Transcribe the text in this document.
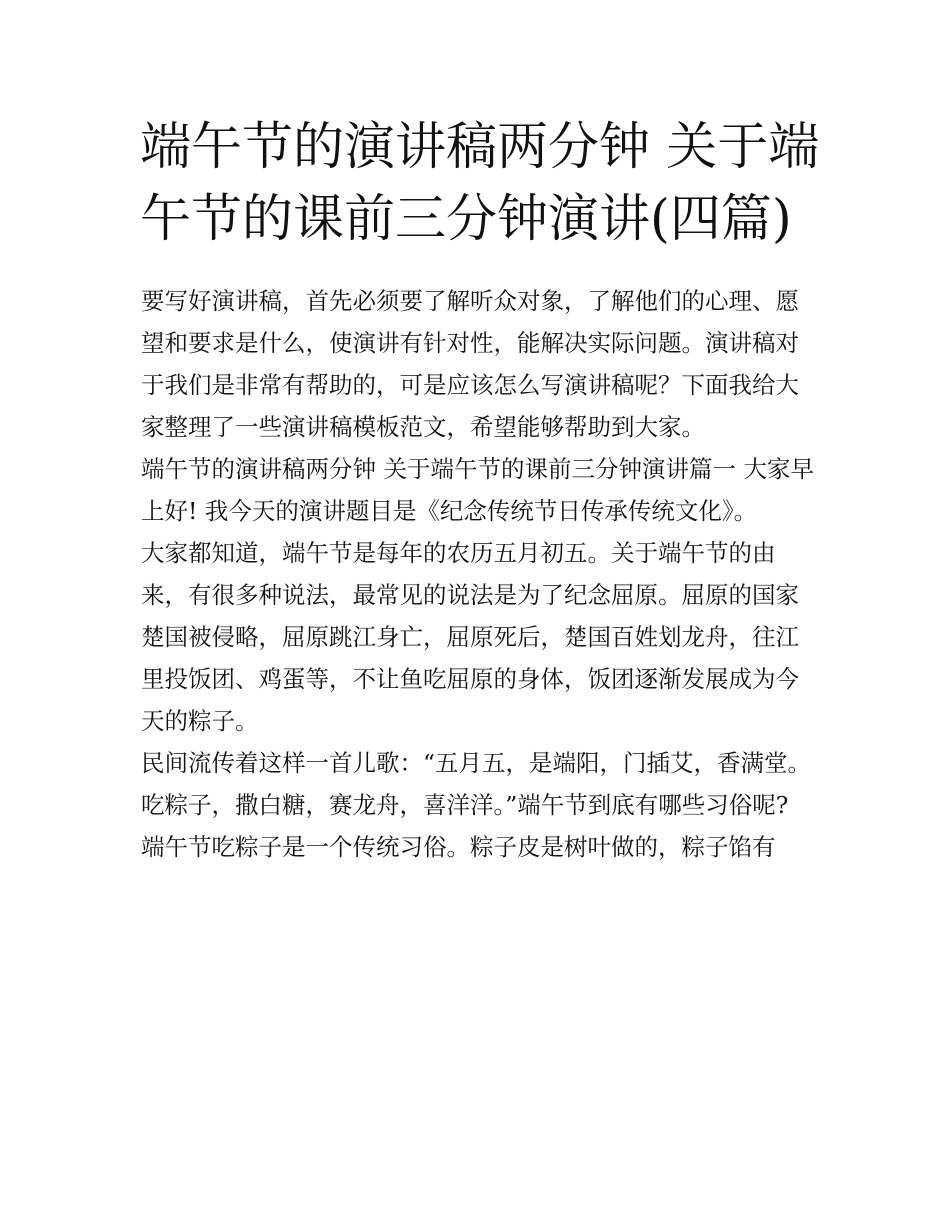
端午节的演讲稿两分钟 关于端午节的课前三分钟演讲(四篇)

要写好演讲稿，首先必须要了解听众对象，了解他们的心理、愿望和要求是什么，使演讲有针对性，能解决实际问题。演讲稿对于我们是非常有帮助的，可是应该怎么写演讲稿呢？下面我给大家整理了一些演讲稿模板范文，希望能够帮助到大家。

端午节的演讲稿两分钟 关于端午节的课前三分钟演讲篇一 大家早上好! 我今天的演讲题目是《纪念传统节日传承传统文化》。

大家都知道，端午节是每年的农历五月初五。关于端午节的由来，有很多种说法，最常见的说法是为了纪念屈原。屈原的国家楚国被侵略，屈原跳江身亡，屈原死后，楚国百姓划龙舟，往江里投饭团、鸡蛋等，不让鱼吃屈原的身体，饭团逐渐发展成为今天的粽子。

民间流传着这样一首儿歌：“五月五，是端阳，门插艾，香满堂。吃粽子，撒白糖，赛龙舟，喜洋洋。”端午节到底有哪些习俗呢?

端午节吃粽子是一个传统习俗。粽子皮是树叶做的，粽子馅有
